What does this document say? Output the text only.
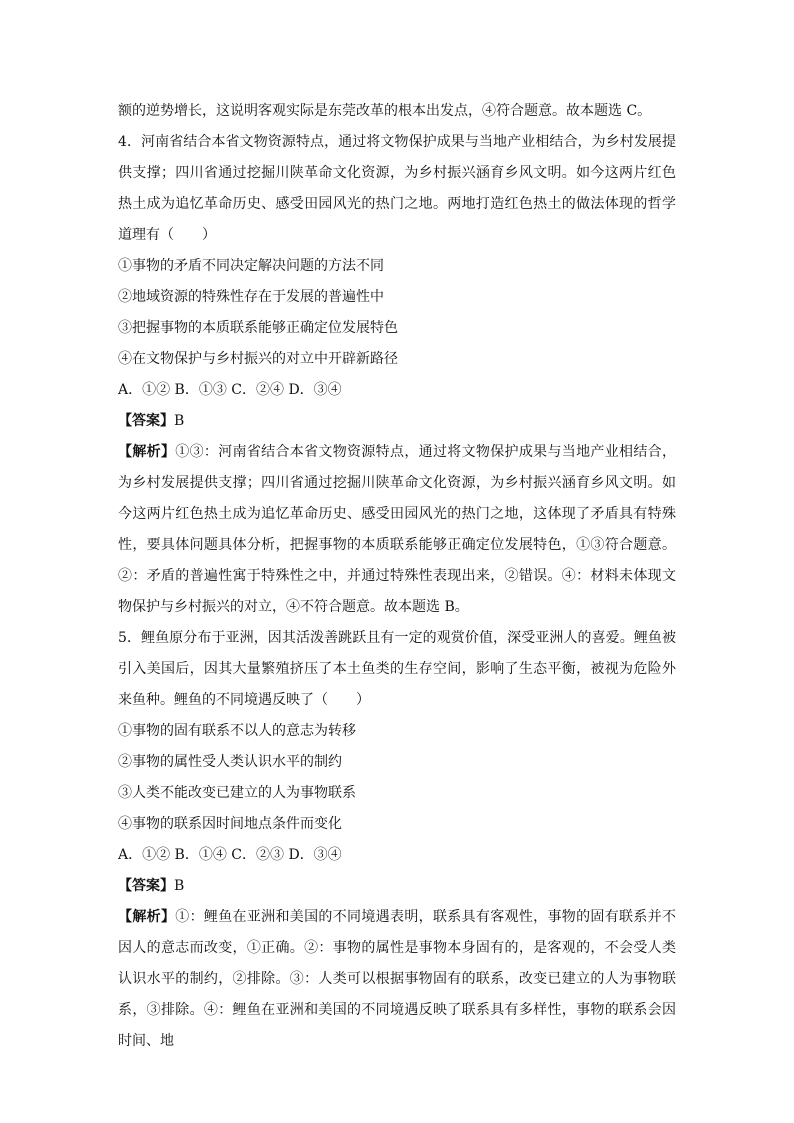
额的逆势增长，这说明客观实际是东莞改革的根本出发点，④符合题意。故本题选 C。

4．河南省结合本省文物资源特点，通过将文物保护成果与当地产业相结合，为乡村发展提供支撑；四川省通过挖掘川陕革命文化资源，为乡村振兴涵育乡风文明。如今这两片红色热土成为追忆革命历史、感受田园风光的热门之地。两地打造红色热土的做法体现的哲学道理有（　　）

①事物的矛盾不同决定解决问题的方法不同

②地域资源的特殊性存在于发展的普遍性中

③把握事物的本质联系能够正确定位发展特色

④在文物保护与乡村振兴的对立中开辟新路径

A．①② B．①③ C．②④ D．③④

【答案】B

【解析】①③：河南省结合本省文物资源特点，通过将文物保护成果与当地产业相结合，为乡村发展提供支撑；四川省通过挖掘川陕革命文化资源，为乡村振兴涵育乡风文明。如今这两片红色热土成为追忆革命历史、感受田园风光的热门之地，这体现了矛盾具有特殊性，要具体问题具体分析，把握事物的本质联系能够正确定位发展特色，①③符合题意。②：矛盾的普遍性寓于特殊性之中，并通过特殊性表现出来，②错误。④：材料未体现文物保护与乡村振兴的对立，④不符合题意。故本题选 B。

5．鲤鱼原分布于亚洲，因其活泼善跳跃且有一定的观赏价值，深受亚洲人的喜爱。鲤鱼被引入美国后，因其大量繁殖挤压了本土鱼类的生存空间，影响了生态平衡，被视为危险外来鱼种。鲤鱼的不同境遇反映了（　　）

①事物的固有联系不以人的意志为转移

②事物的属性受人类认识水平的制约

③人类不能改变已建立的人为事物联系

④事物的联系因时间地点条件而变化

A．①② B．①④ C．②③ D．③④

【答案】B

【解析】①：鲤鱼在亚洲和美国的不同境遇表明，联系具有客观性，事物的固有联系并不因人的意志而改变，①正确。②：事物的属性是事物本身固有的，是客观的，不会受人类认识水平的制约，②排除。③：人类可以根据事物固有的联系，改变已建立的人为事物联系，③排除。④：鲤鱼在亚洲和美国的不同境遇反映了联系具有多样性，事物的联系会因时间、地
